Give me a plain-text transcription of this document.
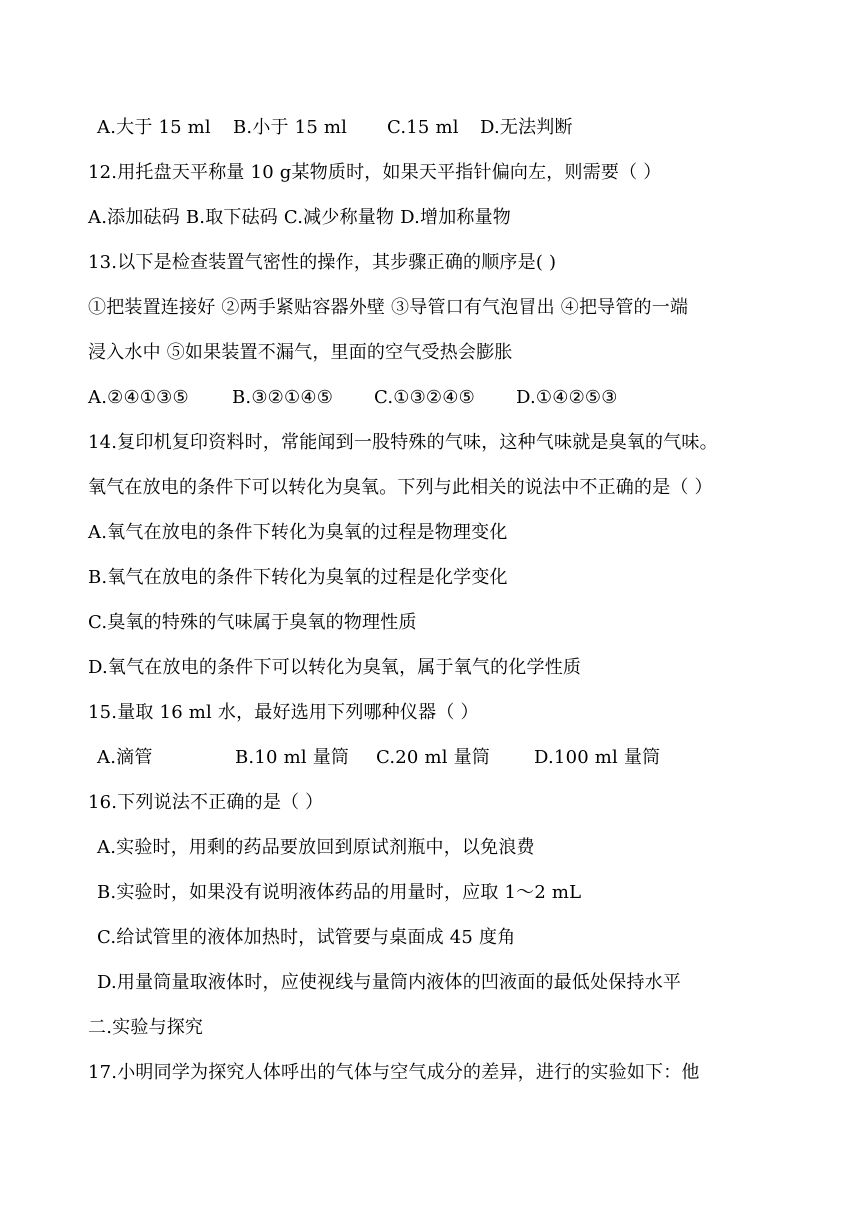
A.大于 15 ml B.小于 15 ml C.15 ml D.无法判断
12.用托盘天平称量 10 g某物质时，如果天平指针偏向左，则需要（ ）
A.添加砝码 B.取下砝码 C.减少称量物 D.增加称量物
13.以下是检查装置气密性的操作，其步骤正确的顺序是( )
①把装置连接好 ②两手紧贴容器外壁 ③导管口有气泡冒出 ④把导管的一端
浸入水中 ⑤如果装置不漏气，里面的空气受热会膨胀
A.②④①③⑤ B.③②①④⑤ C.①③②④⑤ D.①④②⑤③
14.复印机复印资料时，常能闻到一股特殊的气味，这种气味就是臭氧的气味。
氧气在放电的条件下可以转化为臭氧。下列与此相关的说法中不正确的是（ ）
A.氧气在放电的条件下转化为臭氧的过程是物理变化
B.氧气在放电的条件下转化为臭氧的过程是化学变化
C.臭氧的特殊的气味属于臭氧的物理性质
D.氧气在放电的条件下可以转化为臭氧，属于氧气的化学性质
15.量取 16 ml 水，最好选用下列哪种仪器（ ）
A.滴管	B.10 ml 量筒 C.20 ml 量筒 D.100 ml 量筒
16.下列说法不正确的是（ ）
A.实验时，用剩的药品要放回到原试剂瓶中，以免浪费
B.实验时，如果没有说明液体药品的用量时，应取 1～2 mL
C.给试管里的液体加热时，试管要与桌面成 45 度角
D.用量筒量取液体时，应使视线与量筒内液体的凹液面的最低处保持水平
二.实验与探究
17.小明同学为探究人体呼出的气体与空气成分的差异，进行的实验如下：他
